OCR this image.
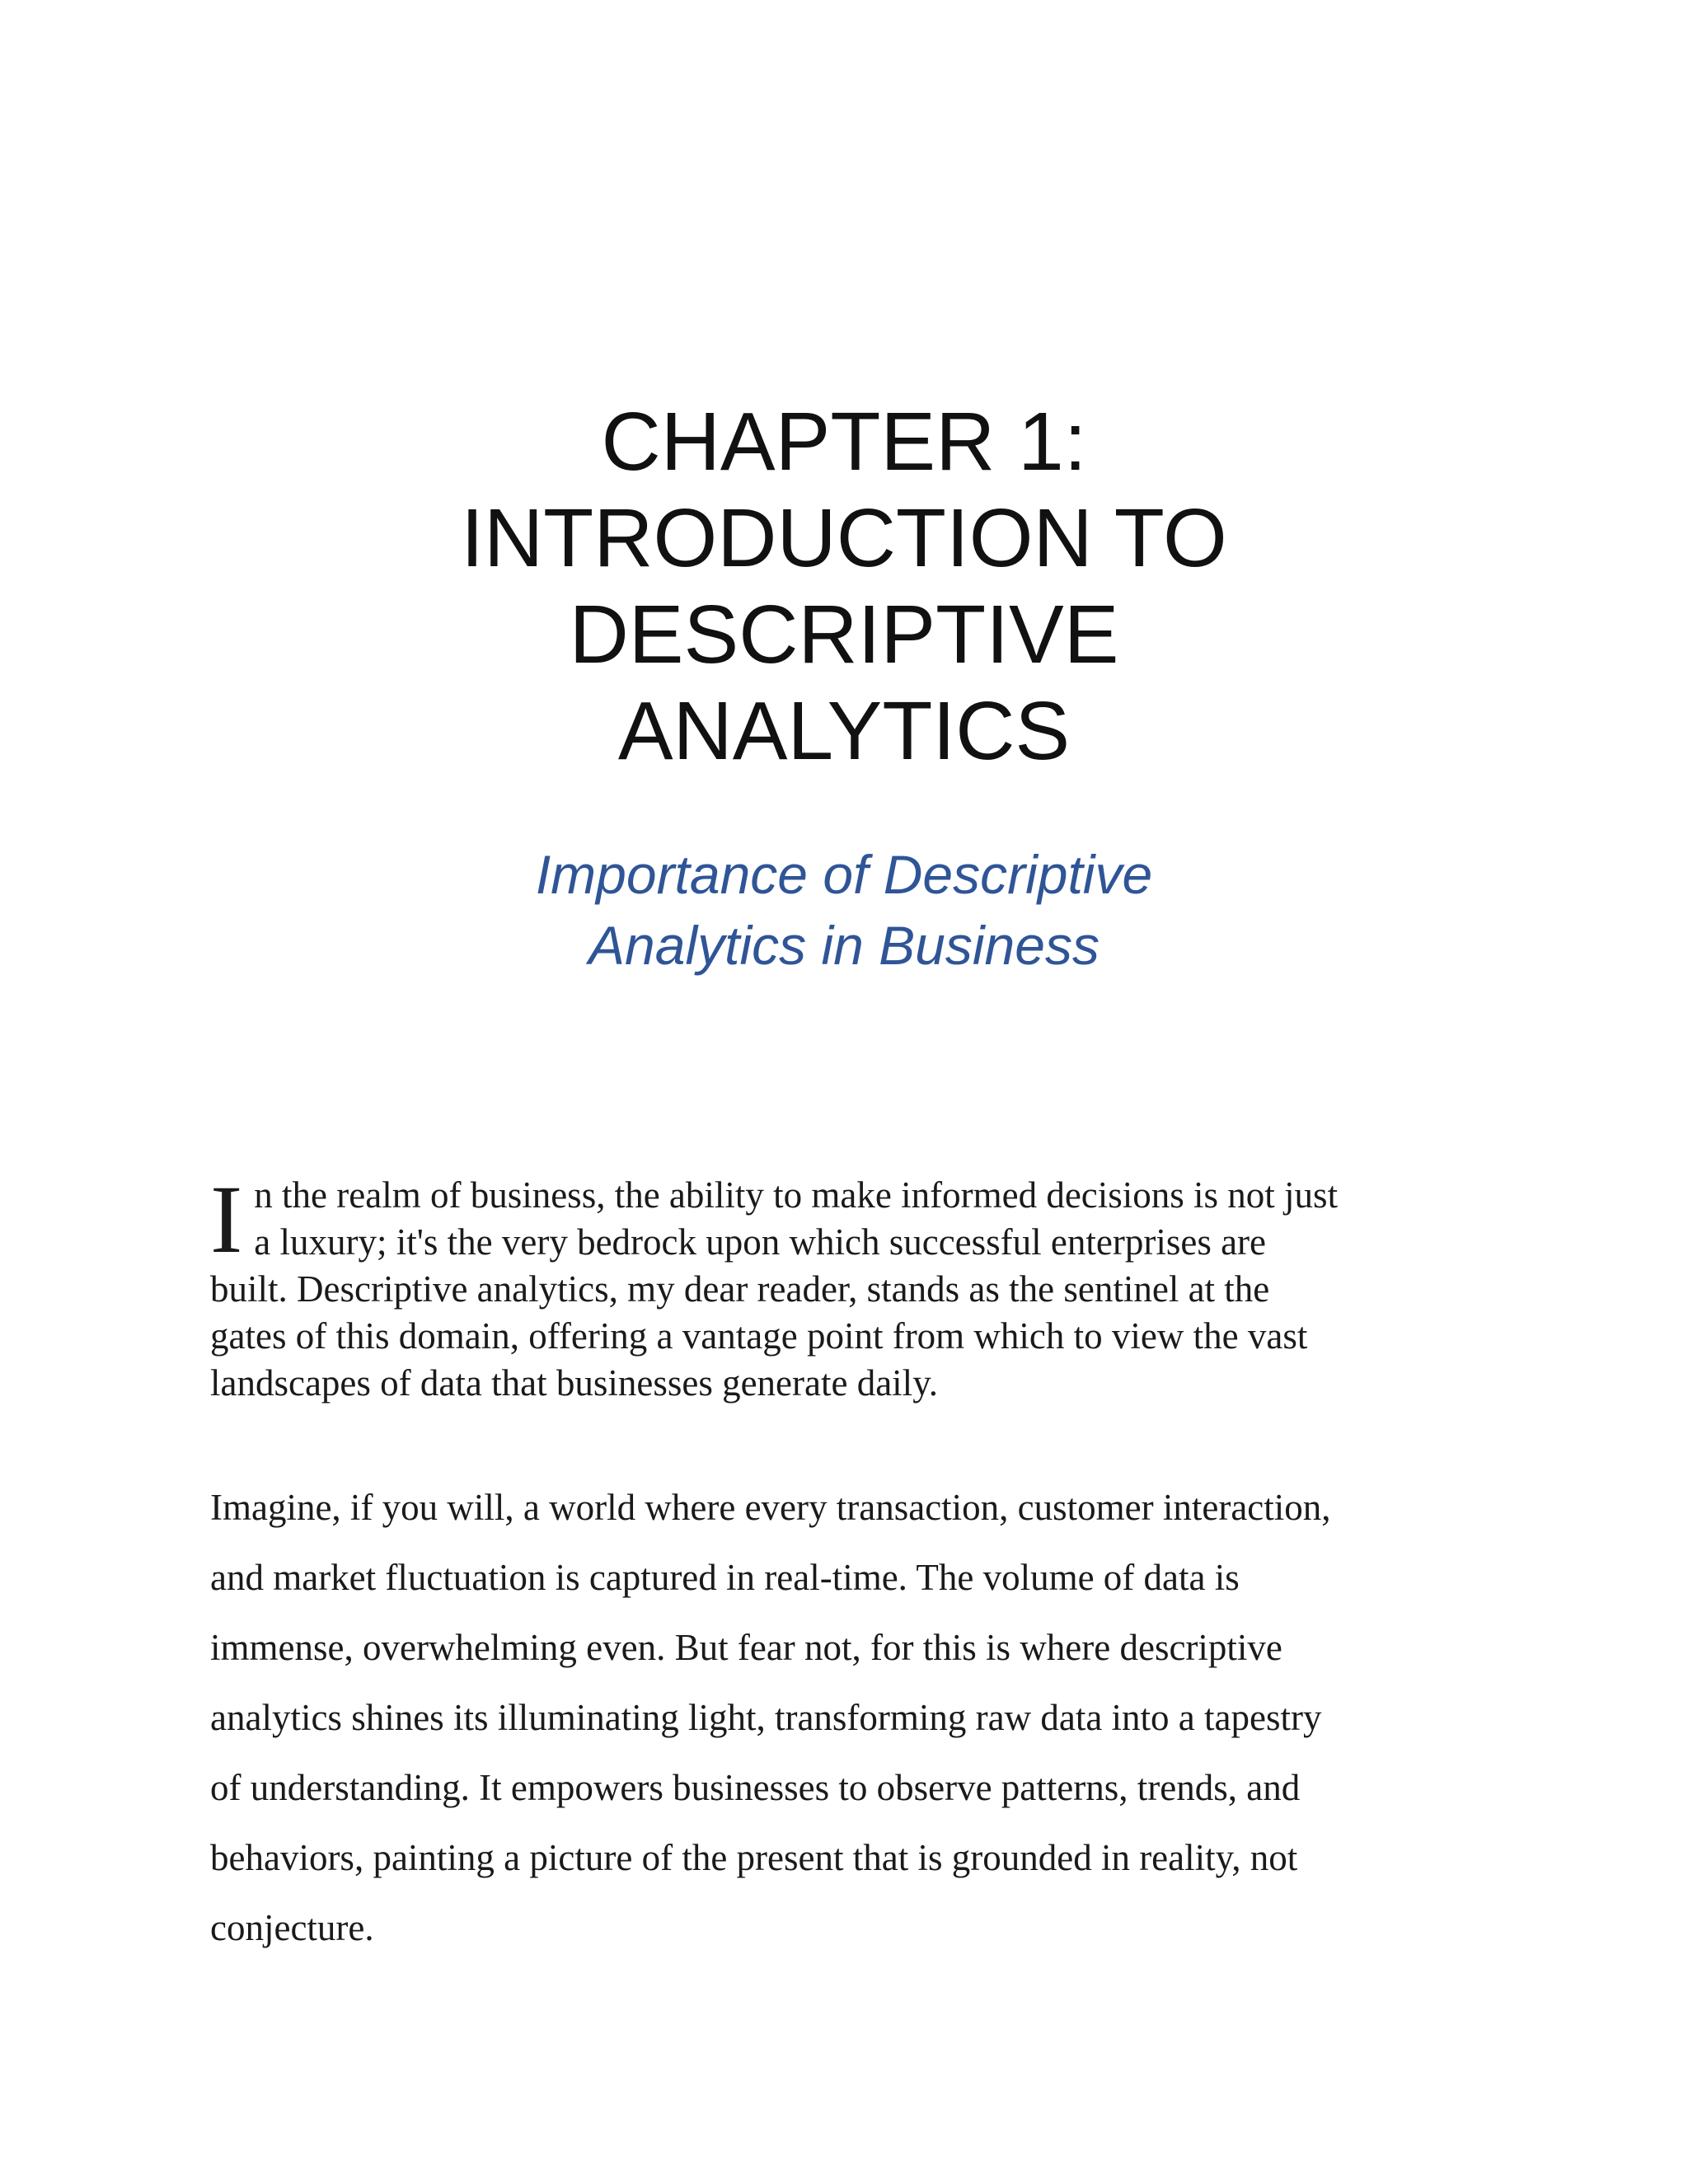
CHAPTER 1:
INTRODUCTION TO
DESCRIPTIVE
ANALYTICS
Importance of Descriptive
Analytics in Business

I n the realm of business, the ability to make informed decisions is not just
a luxury; it's the very bedrock upon which successful enterprises are
built. Descriptive analytics, my dear reader, stands as the sentinel at the
gates of this domain, offering a vantage point from which to view the vast
landscapes of data that businesses generate daily.

Imagine, if you will, a world where every transaction, customer interaction,
and market fluctuation is captured in real-time. The volume of data is
immense, overwhelming even. But fear not, for this is where descriptive
analytics shines its illuminating light, transforming raw data into a tapestry
of understanding. It empowers businesses to observe patterns, trends, and
behaviors, painting a picture of the present that is grounded in reality, not
conjecture.
